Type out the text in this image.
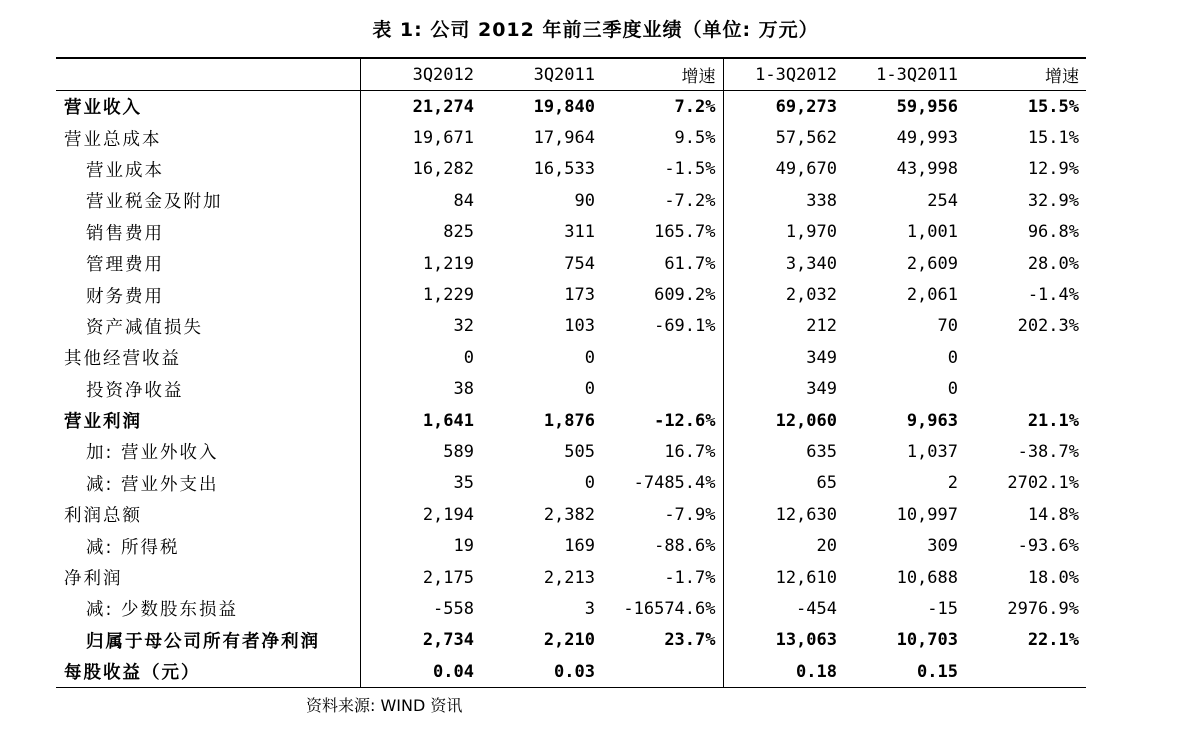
表 1: 公司 2012 年前三季度业绩（单位: 万元）
	3Q2012	3Q2011	增速	1-3Q2012	1-3Q2011	增速
营业收入	21,274	19,840	7.2%	69,273	59,956	15.5%
营业总成本	19,671	17,964	9.5%	57,562	49,993	15.1%
营业成本	16,282	16,533	-1.5%	49,670	43,998	12.9%
营业税金及附加	84	90	-7.2%	338	254	32.9%
销售费用	825	311	165.7%	1,970	1,001	96.8%
管理费用	1,219	754	61.7%	3,340	2,609	28.0%
财务费用	1,229	173	609.2%	2,032	2,061	-1.4%
资产减值损失	32	103	-69.1%	212	70	202.3%
其他经营收益	0	0		349	0	
投资净收益	38	0		349	0	
营业利润	1,641	1,876	-12.6%	12,060	9,963	21.1%
加: 营业外收入	589	505	16.7%	635	1,037	-38.7%
减: 营业外支出	35	0	-7485.4%	65	2	2702.1%
利润总额	2,194	2,382	-7.9%	12,630	10,997	14.8%
减: 所得税	19	169	-88.6%	20	309	-93.6%
净利润	2,175	2,213	-1.7%	12,610	10,688	18.0%
减: 少数股东损益	-558	3	-16574.6%	-454	-15	2976.9%
归属于母公司所有者净利润	2,734	2,210	23.7%	13,063	10,703	22.1%
每股收益（元）	0.04	0.03		0.18	0.15	
资料来源: WIND 资讯
